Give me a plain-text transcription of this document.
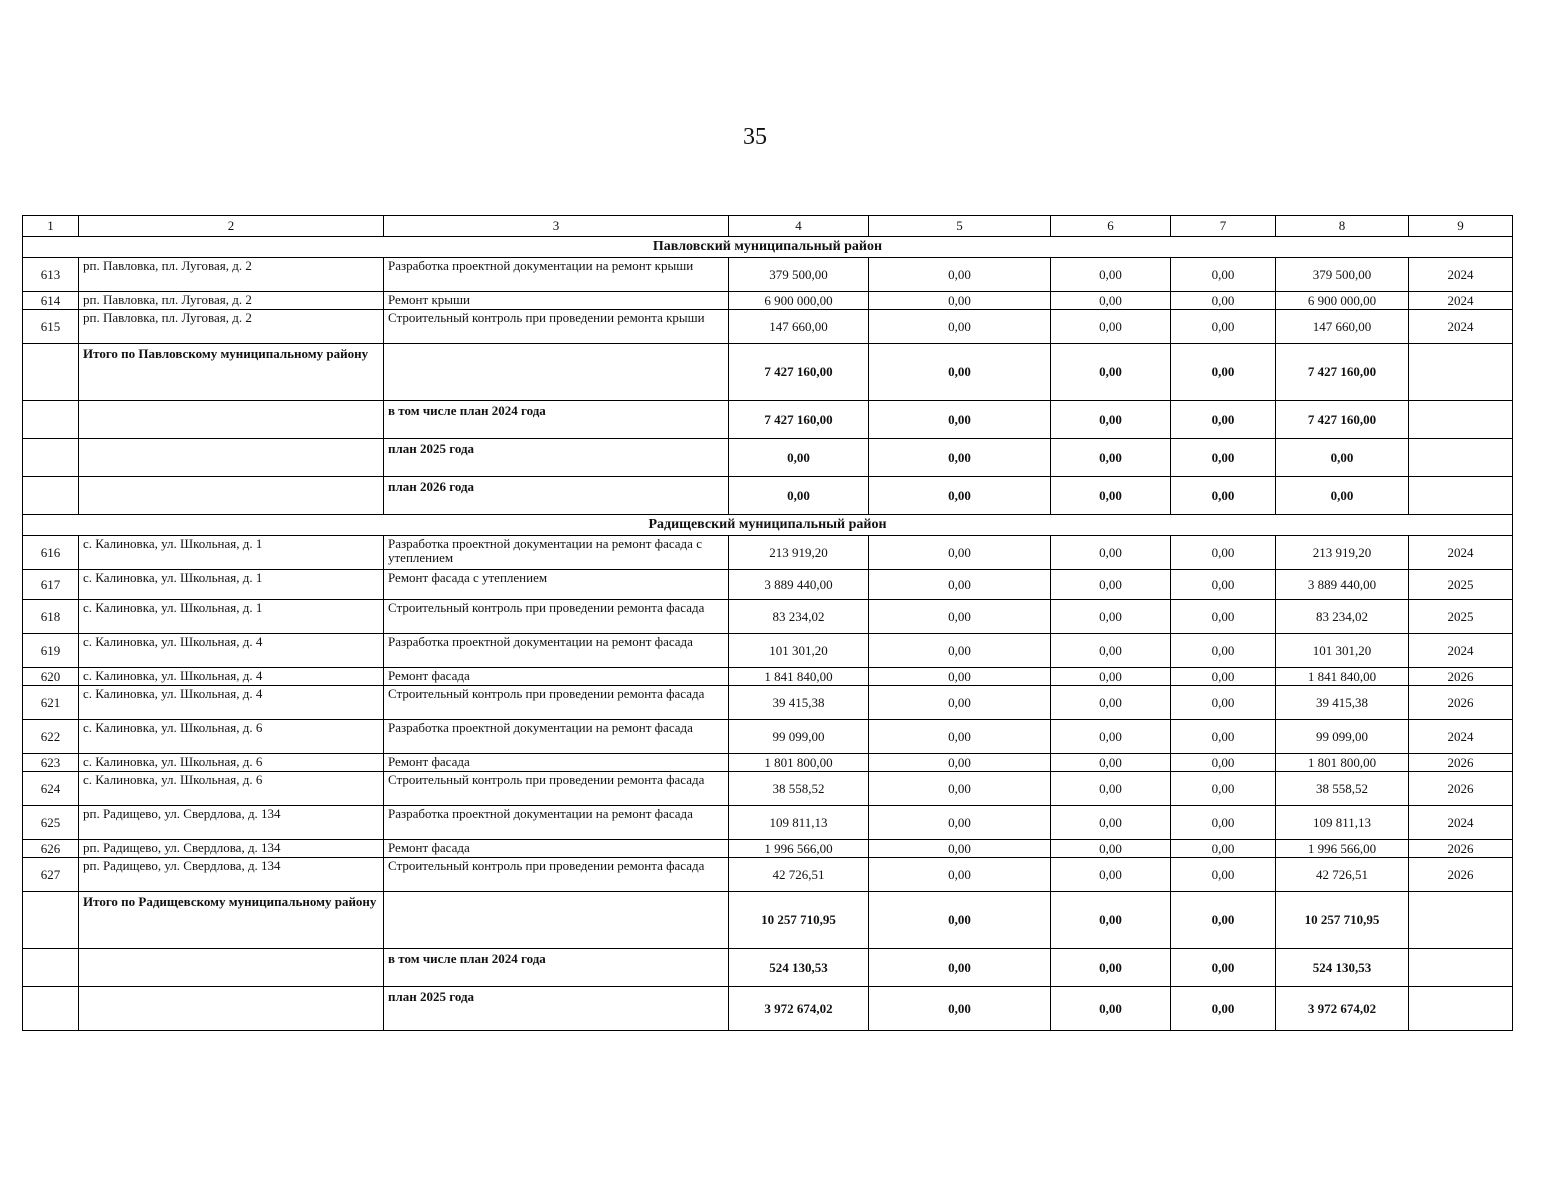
35
1	2	3	4	5	6	7	8	9
Павловский муниципальный район								
613	рп. Павловка, пл. Луговая, д. 2	Разработка проектной документации на ремонт крыши	379 500,00	0,00	0,00	0,00	379 500,00	2024
614	рп. Павловка, пл. Луговая, д. 2	Ремонт крыши	6 900 000,00	0,00	0,00	0,00	6 900 000,00	2024
615	рп. Павловка, пл. Луговая, д. 2	Строительный контроль при проведении ремонта крыши	147 660,00	0,00	0,00	0,00	147 660,00	2024
	Итого по Павловскому муниципальному району		7 427 160,00	0,00	0,00	0,00	7 427 160,00	
		в том числе план 2024 года	7 427 160,00	0,00	0,00	0,00	7 427 160,00	
		план 2025 года	0,00	0,00	0,00	0,00	0,00	
		план 2026 года	0,00	0,00	0,00	0,00	0,00	
Радищевский муниципальный район								
616	с. Калиновка, ул. Школьная, д. 1	Разработка проектной документации на ремонт фасада с утеплением	213 919,20	0,00	0,00	0,00	213 919,20	2024
617	с. Калиновка, ул. Школьная, д. 1	Ремонт фасада с утеплением	3 889 440,00	0,00	0,00	0,00	3 889 440,00	2025
618	с. Калиновка, ул. Школьная, д. 1	Строительный контроль при проведении ремонта фасада	83 234,02	0,00	0,00	0,00	83 234,02	2025
619	с. Калиновка, ул. Школьная, д. 4	Разработка проектной документации на ремонт фасада	101 301,20	0,00	0,00	0,00	101 301,20	2024
620	с. Калиновка, ул. Школьная, д. 4	Ремонт фасада	1 841 840,00	0,00	0,00	0,00	1 841 840,00	2026
621	с. Калиновка, ул. Школьная, д. 4	Строительный контроль при проведении ремонта фасада	39 415,38	0,00	0,00	0,00	39 415,38	2026
622	с. Калиновка, ул. Школьная, д. 6	Разработка проектной документации на ремонт фасада	99 099,00	0,00	0,00	0,00	99 099,00	2024
623	с. Калиновка, ул. Школьная, д. 6	Ремонт фасада	1 801 800,00	0,00	0,00	0,00	1 801 800,00	2026
624	с. Калиновка, ул. Школьная, д. 6	Строительный контроль при проведении ремонта фасада	38 558,52	0,00	0,00	0,00	38 558,52	2026
625	рп. Радищево, ул. Свердлова, д. 134	Разработка проектной документации на ремонт фасада	109 811,13	0,00	0,00	0,00	109 811,13	2024
626	рп. Радищево, ул. Свердлова, д. 134	Ремонт фасада	1 996 566,00	0,00	0,00	0,00	1 996 566,00	2026
627	рп. Радищево, ул. Свердлова, д. 134	Строительный контроль при проведении ремонта фасада	42 726,51	0,00	0,00	0,00	42 726,51	2026
	Итого по Радищевскому муниципальному району		10 257 710,95	0,00	0,00	0,00	10 257 710,95	
		в том числе план 2024 года	524 130,53	0,00	0,00	0,00	524 130,53	
		план 2025 года	3 972 674,02	0,00	0,00	0,00	3 972 674,02	
